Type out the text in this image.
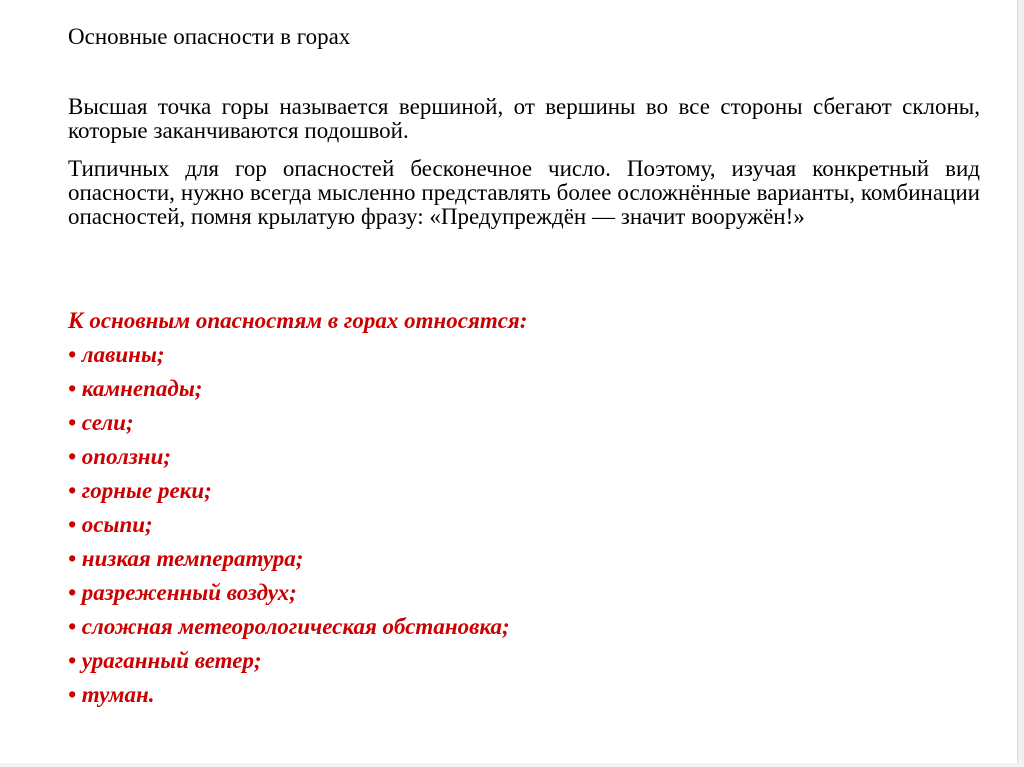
Основные опасности в горах
Высшая точка горы называется вершиной, от вершины во все стороны сбегают склоны, которые заканчиваются подошвой.
Типичных для гор опасностей бесконечное число. Поэтому, изучая конкретный вид опасности, нужно всегда мысленно представлять более осложнённые варианты, комбинации опасностей, помня крылатую фразу: «Предупреждён — значит вооружён!»
К основным опасностям в горах относятся:
• лавины;
• камнепады;
• сели;
• оползни;
• горные реки;
• осыпи;
• низкая температура;
• разреженный воздух;
• сложная метеорологическая обстановка;
• ураганный ветер;
• туман.
